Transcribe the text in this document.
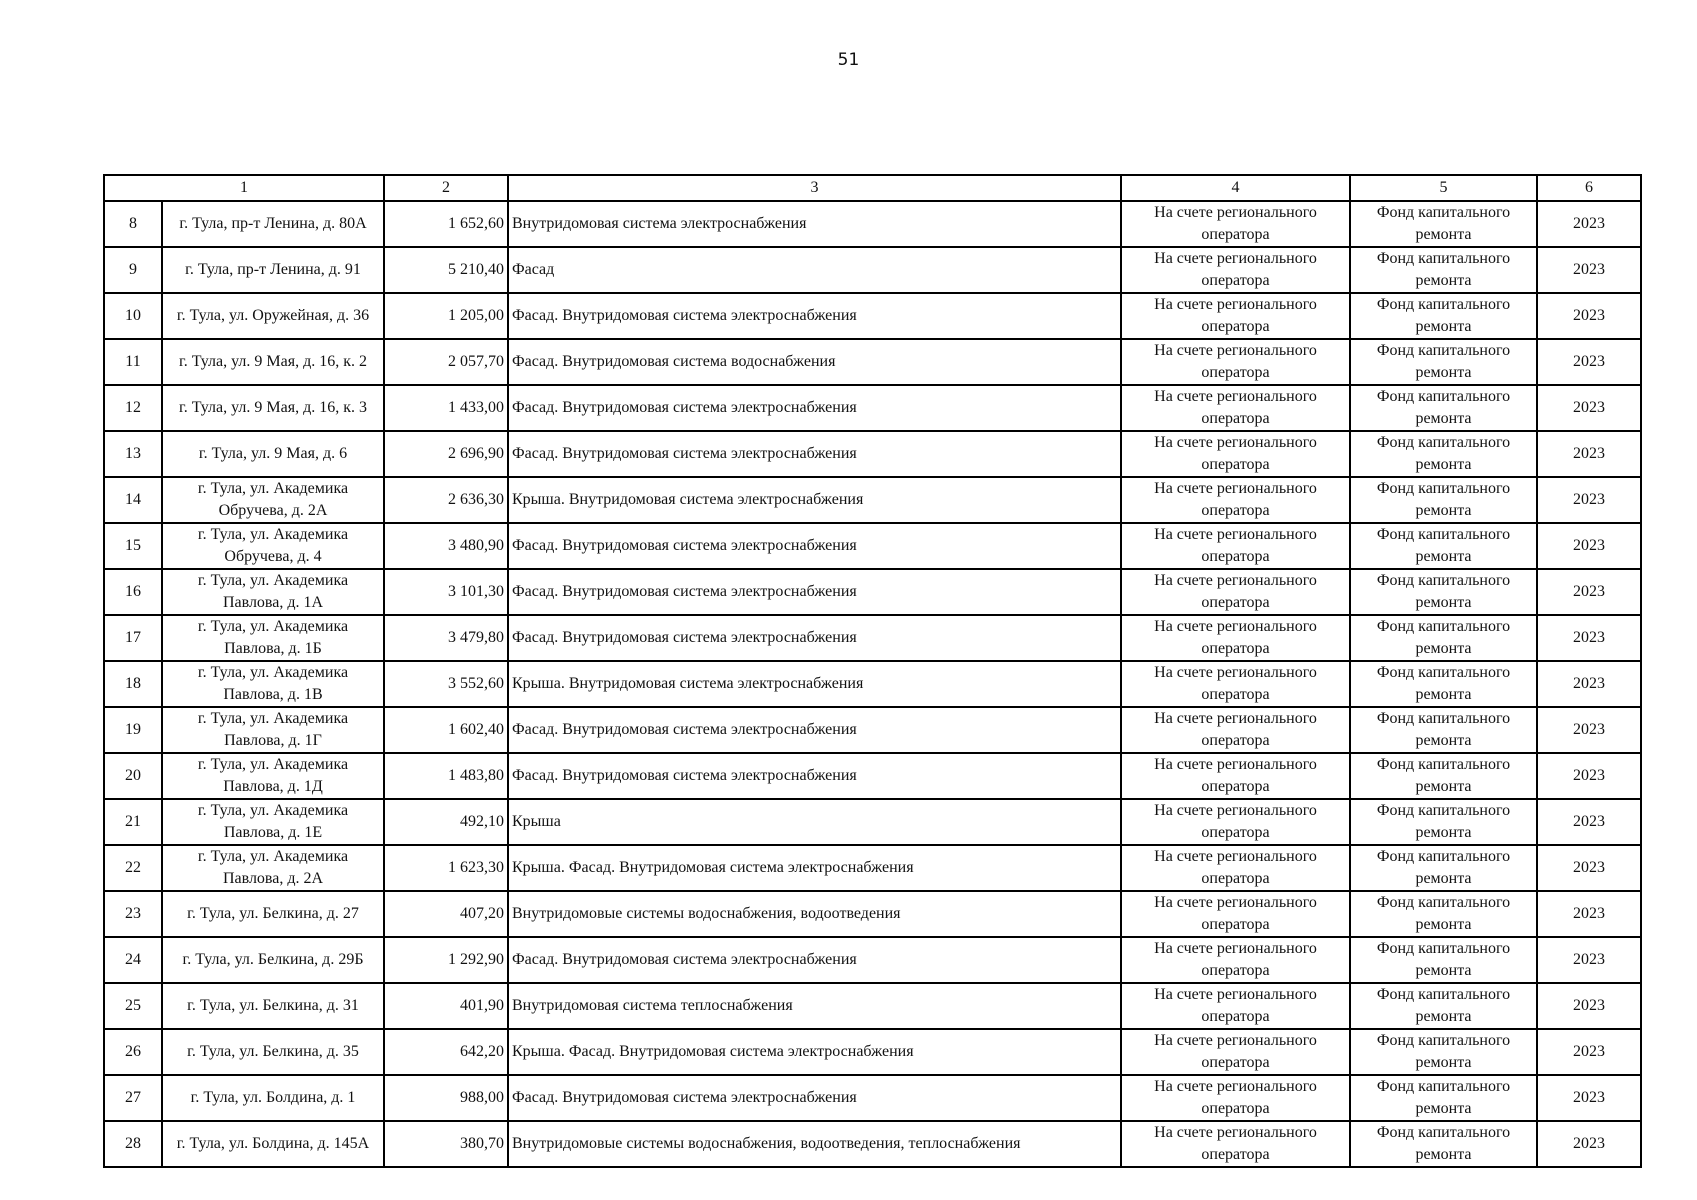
51
1		2	3	4	5	6
8	г. Тула, пр-т Ленина, д. 80А	1 652,60	Внутридомовая система электроснабжения	На счете регионального оператора	Фонд капитального ремонта	2023
9	г. Тула, пр-т Ленина, д. 91	5 210,40	Фасад	На счете регионального оператора	Фонд капитального ремонта	2023
10	г. Тула, ул. Оружейная, д. 36	1 205,00	Фасад. Внутридомовая система электроснабжения	На счете регионального оператора	Фонд капитального ремонта	2023
11	г. Тула, ул. 9 Мая, д. 16, к. 2	2 057,70	Фасад. Внутридомовая система водоснабжения	На счете регионального оператора	Фонд капитального ремонта	2023
12	г. Тула, ул. 9 Мая, д. 16, к. 3	1 433,00	Фасад. Внутридомовая система электроснабжения	На счете регионального оператора	Фонд капитального ремонта	2023
13	г. Тула, ул. 9 Мая, д. 6	2 696,90	Фасад. Внутридомовая система электроснабжения	На счете регионального оператора	Фонд капитального ремонта	2023
14	г. Тула, ул. Академика Обручева, д. 2А	2 636,30	Крыша. Внутридомовая система электроснабжения	На счете регионального оператора	Фонд капитального ремонта	2023
15	г. Тула, ул. Академика Обручева, д. 4	3 480,90	Фасад. Внутридомовая система электроснабжения	На счете регионального оператора	Фонд капитального ремонта	2023
16	г. Тула, ул. Академика Павлова, д. 1А	3 101,30	Фасад. Внутридомовая система электроснабжения	На счете регионального оператора	Фонд капитального ремонта	2023
17	г. Тула, ул. Академика Павлова, д. 1Б	3 479,80	Фасад. Внутридомовая система электроснабжения	На счете регионального оператора	Фонд капитального ремонта	2023
18	г. Тула, ул. Академика Павлова, д. 1В	3 552,60	Крыша. Внутридомовая система электроснабжения	На счете регионального оператора	Фонд капитального ремонта	2023
19	г. Тула, ул. Академика Павлова, д. 1Г	1 602,40	Фасад. Внутридомовая система электроснабжения	На счете регионального оператора	Фонд капитального ремонта	2023
20	г. Тула, ул. Академика Павлова, д. 1Д	1 483,80	Фасад. Внутридомовая система электроснабжения	На счете регионального оператора	Фонд капитального ремонта	2023
21	г. Тула, ул. Академика Павлова, д. 1Е	492,10	Крыша	На счете регионального оператора	Фонд капитального ремонта	2023
22	г. Тула, ул. Академика Павлова, д. 2А	1 623,30	Крыша. Фасад. Внутридомовая система электроснабжения	На счете регионального оператора	Фонд капитального ремонта	2023
23	г. Тула, ул. Белкина, д. 27	407,20	Внутридомовые системы водоснабжения, водоотведения	На счете регионального оператора	Фонд капитального ремонта	2023
24	г. Тула, ул. Белкина, д. 29Б	1 292,90	Фасад. Внутридомовая система электроснабжения	На счете регионального оператора	Фонд капитального ремонта	2023
25	г. Тула, ул. Белкина, д. 31	401,90	Внутридомовая система теплоснабжения	На счете регионального оператора	Фонд капитального ремонта	2023
26	г. Тула, ул. Белкина, д. 35	642,20	Крыша. Фасад. Внутридомовая система электроснабжения	На счете регионального оператора	Фонд капитального ремонта	2023
27	г. Тула, ул. Болдина, д. 1	988,00	Фасад. Внутридомовая система электроснабжения	На счете регионального оператора	Фонд капитального ремонта	2023
28	г. Тула, ул. Болдина, д. 145А	380,70	Внутридомовые системы водоснабжения, водоотведения, теплоснабжения	На счете регионального оператора	Фонд капитального ремонта	2023
